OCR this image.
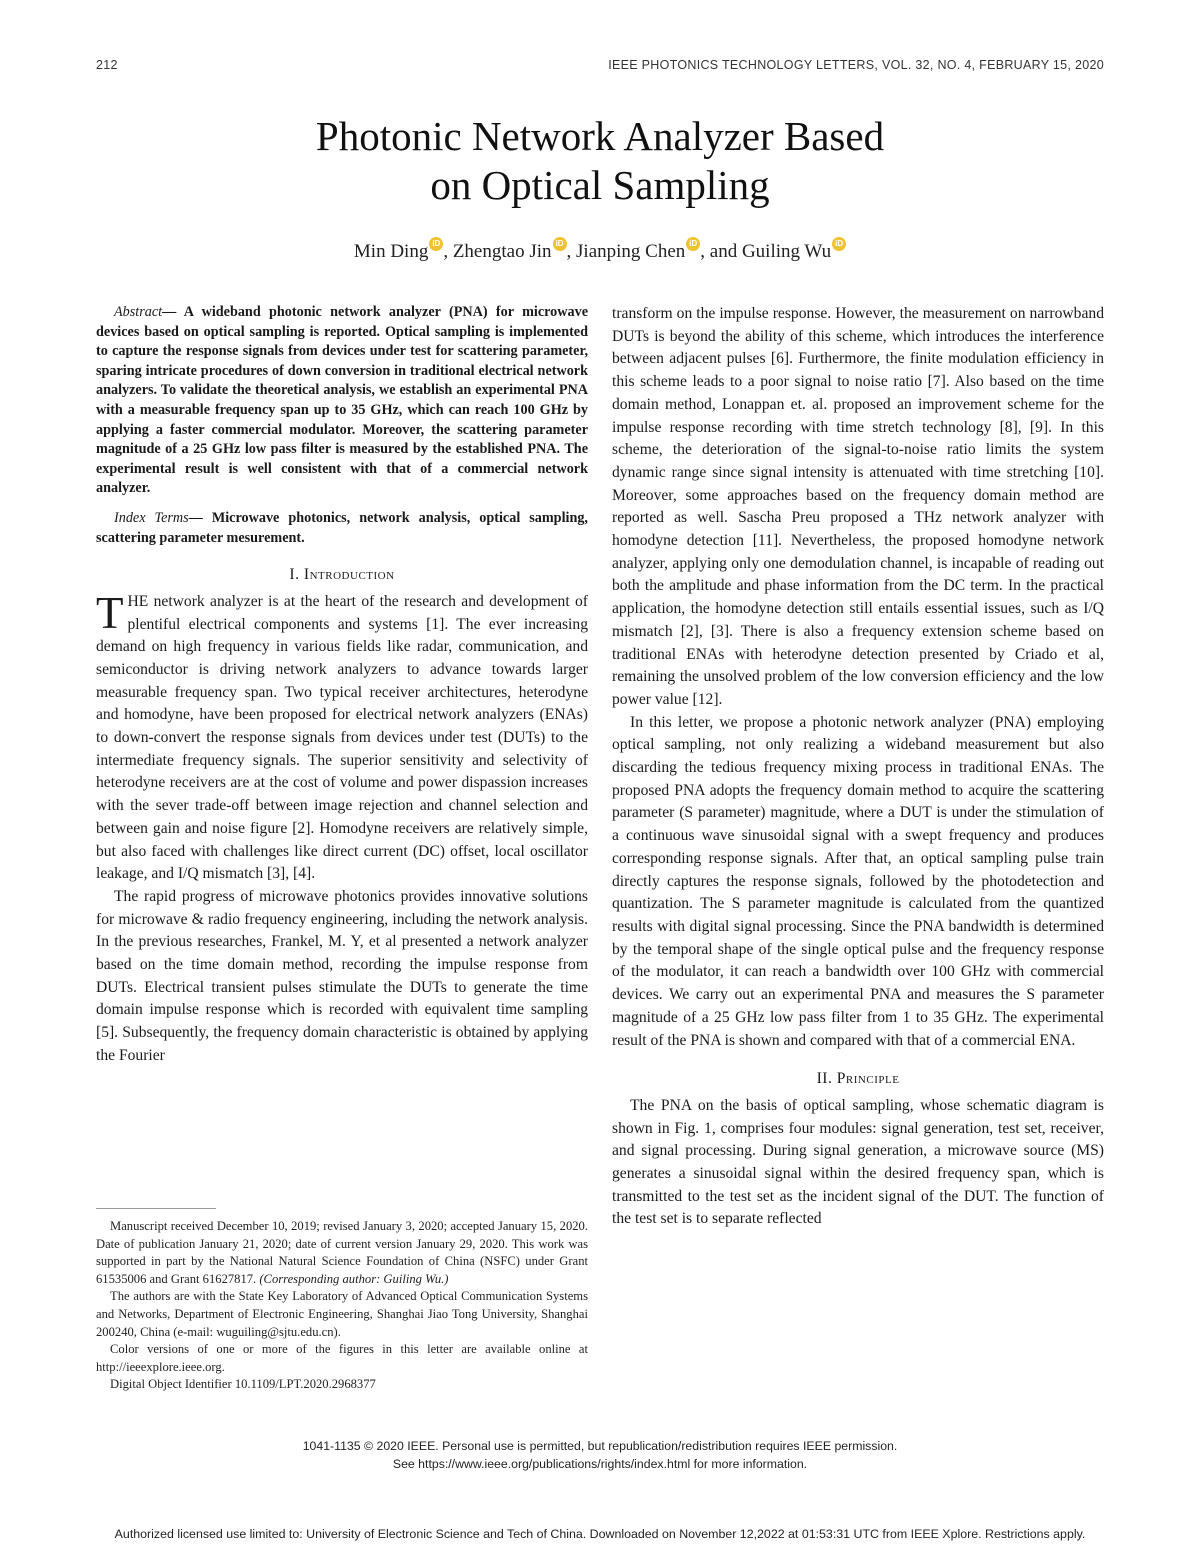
212	IEEE PHOTONICS TECHNOLOGY LETTERS, VOL. 32, NO. 4, FEBRUARY 15, 2020
Photonic Network Analyzer Based
on Optical Sampling
Min Ding iD , Zhengtao Jin iD , Jianping Chen iD , and Guiling WuiD

Abstract— A wideband photonic network analyzer (PNA) for microwave devices based on optical sampling is reported. Optical sampling is implemented to capture the response signals from devices under test for scattering parameter, sparing intricate procedures of down conversion in traditional electrical network analyzers. To validate the theoretical analysis, we establish an experimental PNA with a measurable frequency span up to 35 GHz, which can reach 100 GHz by applying a faster commercial modulator. Moreover, the scattering parameter magnitude of a 25 GHz low pass filter is measured by the established PNA. The experimental result is well consistent with that of a commercial network analyzer.

Index Terms— Microwave photonics, network analysis, optical sampling, scattering parameter mesurement.

I. Introduction

THE network analyzer is at the heart of the research and development of plentiful electrical components and systems [1]. The ever increasing demand on high frequency in various fields like radar, communication, and semiconductor is driving network analyzers to advance towards larger measurable frequency span. Two typical receiver architectures, heterodyne and homodyne, have been proposed for electrical network analyzers (ENAs) to down-convert the response signals from devices under test (DUTs) to the intermediate frequency signals. The superior sensitivity and selectivity of heterodyne receivers are at the cost of volume and power dispassion increases with the sever trade-off between image rejection and channel selection and between gain and noise figure [2]. Homodyne receivers are relatively simple, but also faced with challenges like direct current (DC) offset, local oscillator leakage, and I/Q mismatch [3], [4].

The rapid progress of microwave photonics provides innovative solutions for microwave & radio frequency engineering, including the network analysis. In the previous researches, Frankel, M. Y, et al presented a network analyzer based on the time domain method, recording the impulse response from DUTs. Electrical transient pulses stimulate the DUTs to generate the time domain impulse response which is recorded with equivalent time sampling [5]. Subsequently, the frequency domain characteristic is obtained by applying the Fourier

Manuscript received December 10, 2019; revised January 3, 2020; accepted January 15, 2020. Date of publication January 21, 2020; date of current version January 29, 2020. This work was supported in part by the National Natural Science Foundation of China (NSFC) under Grant 61535006 and Grant 61627817. (Corresponding author: Guiling Wu.)

The authors are with the State Key Laboratory of Advanced Optical Communication Systems and Networks, Department of Electronic Engineering, Shanghai Jiao Tong University, Shanghai 200240, China (e-mail: wuguiling@sjtu.edu.cn).

Color versions of one or more of the figures in this letter are available online at http://ieeexplore.ieee.org.

Digital Object Identifier 10.1109/LPT.2020.2968377

transform on the impulse response. However, the measurement on narrowband DUTs is beyond the ability of this scheme, which introduces the interference between adjacent pulses [6]. Furthermore, the finite modulation efficiency in this scheme leads to a poor signal to noise ratio [7]. Also based on the time domain method, Lonappan et. al. proposed an improvement scheme for the impulse response recording with time stretch technology [8], [9]. In this scheme, the deterioration of the signal-to-noise ratio limits the system dynamic range since signal intensity is attenuated with time stretching [10]. Moreover, some approaches based on the frequency domain method are reported as well. Sascha Preu proposed a THz network analyzer with homodyne detection [11]. Nevertheless, the proposed homodyne network analyzer, applying only one demodulation channel, is incapable of reading out both the amplitude and phase information from the DC term. In the practical application, the homodyne detection still entails essential issues, such as I/Q mismatch [2], [3]. There is also a frequency extension scheme based on traditional ENAs with heterodyne detection presented by Criado et al, remaining the unsolved problem of the low conversion efficiency and the low power value [12].

In this letter, we propose a photonic network analyzer (PNA) employing optical sampling, not only realizing a wideband measurement but also discarding the tedious frequency mixing process in traditional ENAs. The proposed PNA adopts the frequency domain method to acquire the scattering parameter (S parameter) magnitude, where a DUT is under the stimulation of a continuous wave sinusoidal signal with a swept frequency and produces corresponding response signals. After that, an optical sampling pulse train directly captures the response signals, followed by the photodetection and quantization. The S parameter magnitude is calculated from the quantized results with digital signal processing. Since the PNA bandwidth is determined by the temporal shape of the single optical pulse and the frequency response of the modulator, it can reach a bandwidth over 100 GHz with commercial devices. We carry out an experimental PNA and measures the S parameter magnitude of a 25 GHz low pass filter from 1 to 35 GHz. The experimental result of the PNA is shown and compared with that of a commercial ENA.

II. Principle

The PNA on the basis of optical sampling, whose schematic diagram is shown in Fig. 1, comprises four modules: signal generation, test set, receiver, and signal processing. During signal generation, a microwave source (MS) generates a sinusoidal signal within the desired frequency span, which is transmitted to the test set as the incident signal of the DUT. The function of the test set is to separate reflected

1041-1135 © 2020 IEEE. Personal use is permitted, but republication/redistribution requires IEEE permission.
See https://www.ieee.org/publications/rights/index.html for more information.
Authorized licensed use limited to: University of Electronic Science and Tech of China. Downloaded on November 12,2022 at 01:53:31 UTC from IEEE Xplore. Restrictions apply.
